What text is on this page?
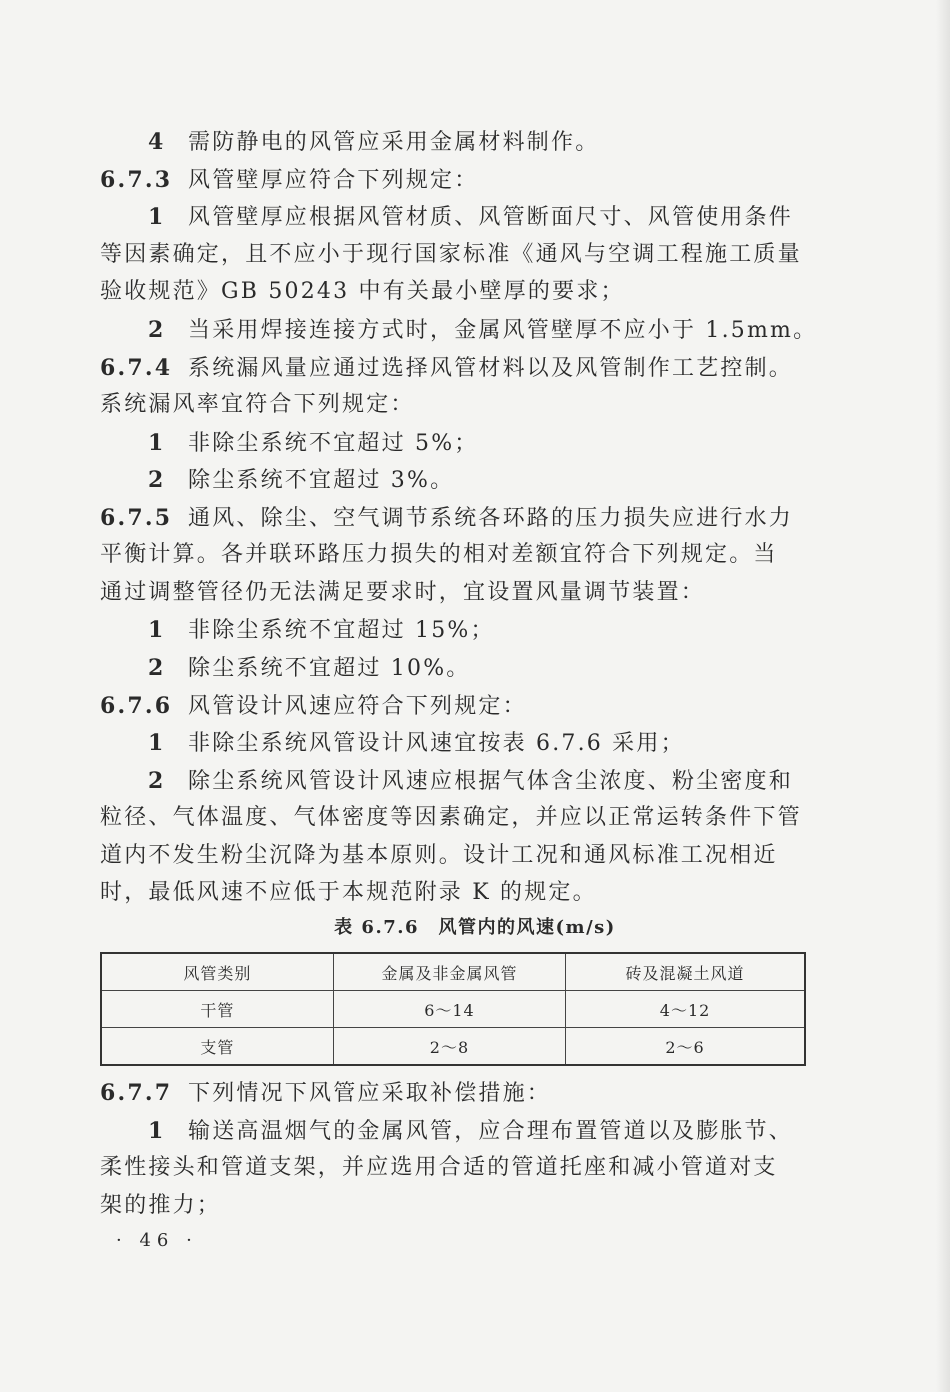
4 需防静电的风管应采用金属材料制作。
6.7.3 风管壁厚应符合下列规定：
1 风管壁厚应根据风管材质、风管断面尺寸、风管使用条件
等因素确定，且不应小于现行国家标准《通风与空调工程施工质量
验收规范》GB 50243 中有关最小壁厚的要求；
2 当采用焊接连接方式时，金属风管壁厚不应小于 1.5mm。
6.7.4 系统漏风量应通过选择风管材料以及风管制作工艺控制。
系统漏风率宜符合下列规定：
1 非除尘系统不宜超过 5%；
2 除尘系统不宜超过 3%。
6.7.5 通风、除尘、空气调节系统各环路的压力损失应进行水力
平衡计算。各并联环路压力损失的相对差额宜符合下列规定。当
通过调整管径仍无法满足要求时，宜设置风量调节装置：
1 非除尘系统不宜超过 15%；
2 除尘系统不宜超过 10%。
6.7.6 风管设计风速应符合下列规定：
1 非除尘系统风管设计风速宜按表 6.7.6 采用；
2 除尘系统风管设计风速应根据气体含尘浓度、粉尘密度和
粒径、气体温度、气体密度等因素确定，并应以正常运转条件下管
道内不发生粉尘沉降为基本原则。设计工况和通风标准工况相近
时，最低风速不应低于本规范附录 K 的规定。
表 6.7.6　风管内的风速(m/s)
风管类别	金属及非金属风管	砖及混凝土风道
干管	6～14	4～12
支管	2～8	2～6
6.7.7 下列情况下风管应采取补偿措施：
1 输送高温烟气的金属风管，应合理布置管道以及膨胀节、
柔性接头和管道支架，并应选用合适的管道托座和减小管道对支
架的推力；
· 46 ·
